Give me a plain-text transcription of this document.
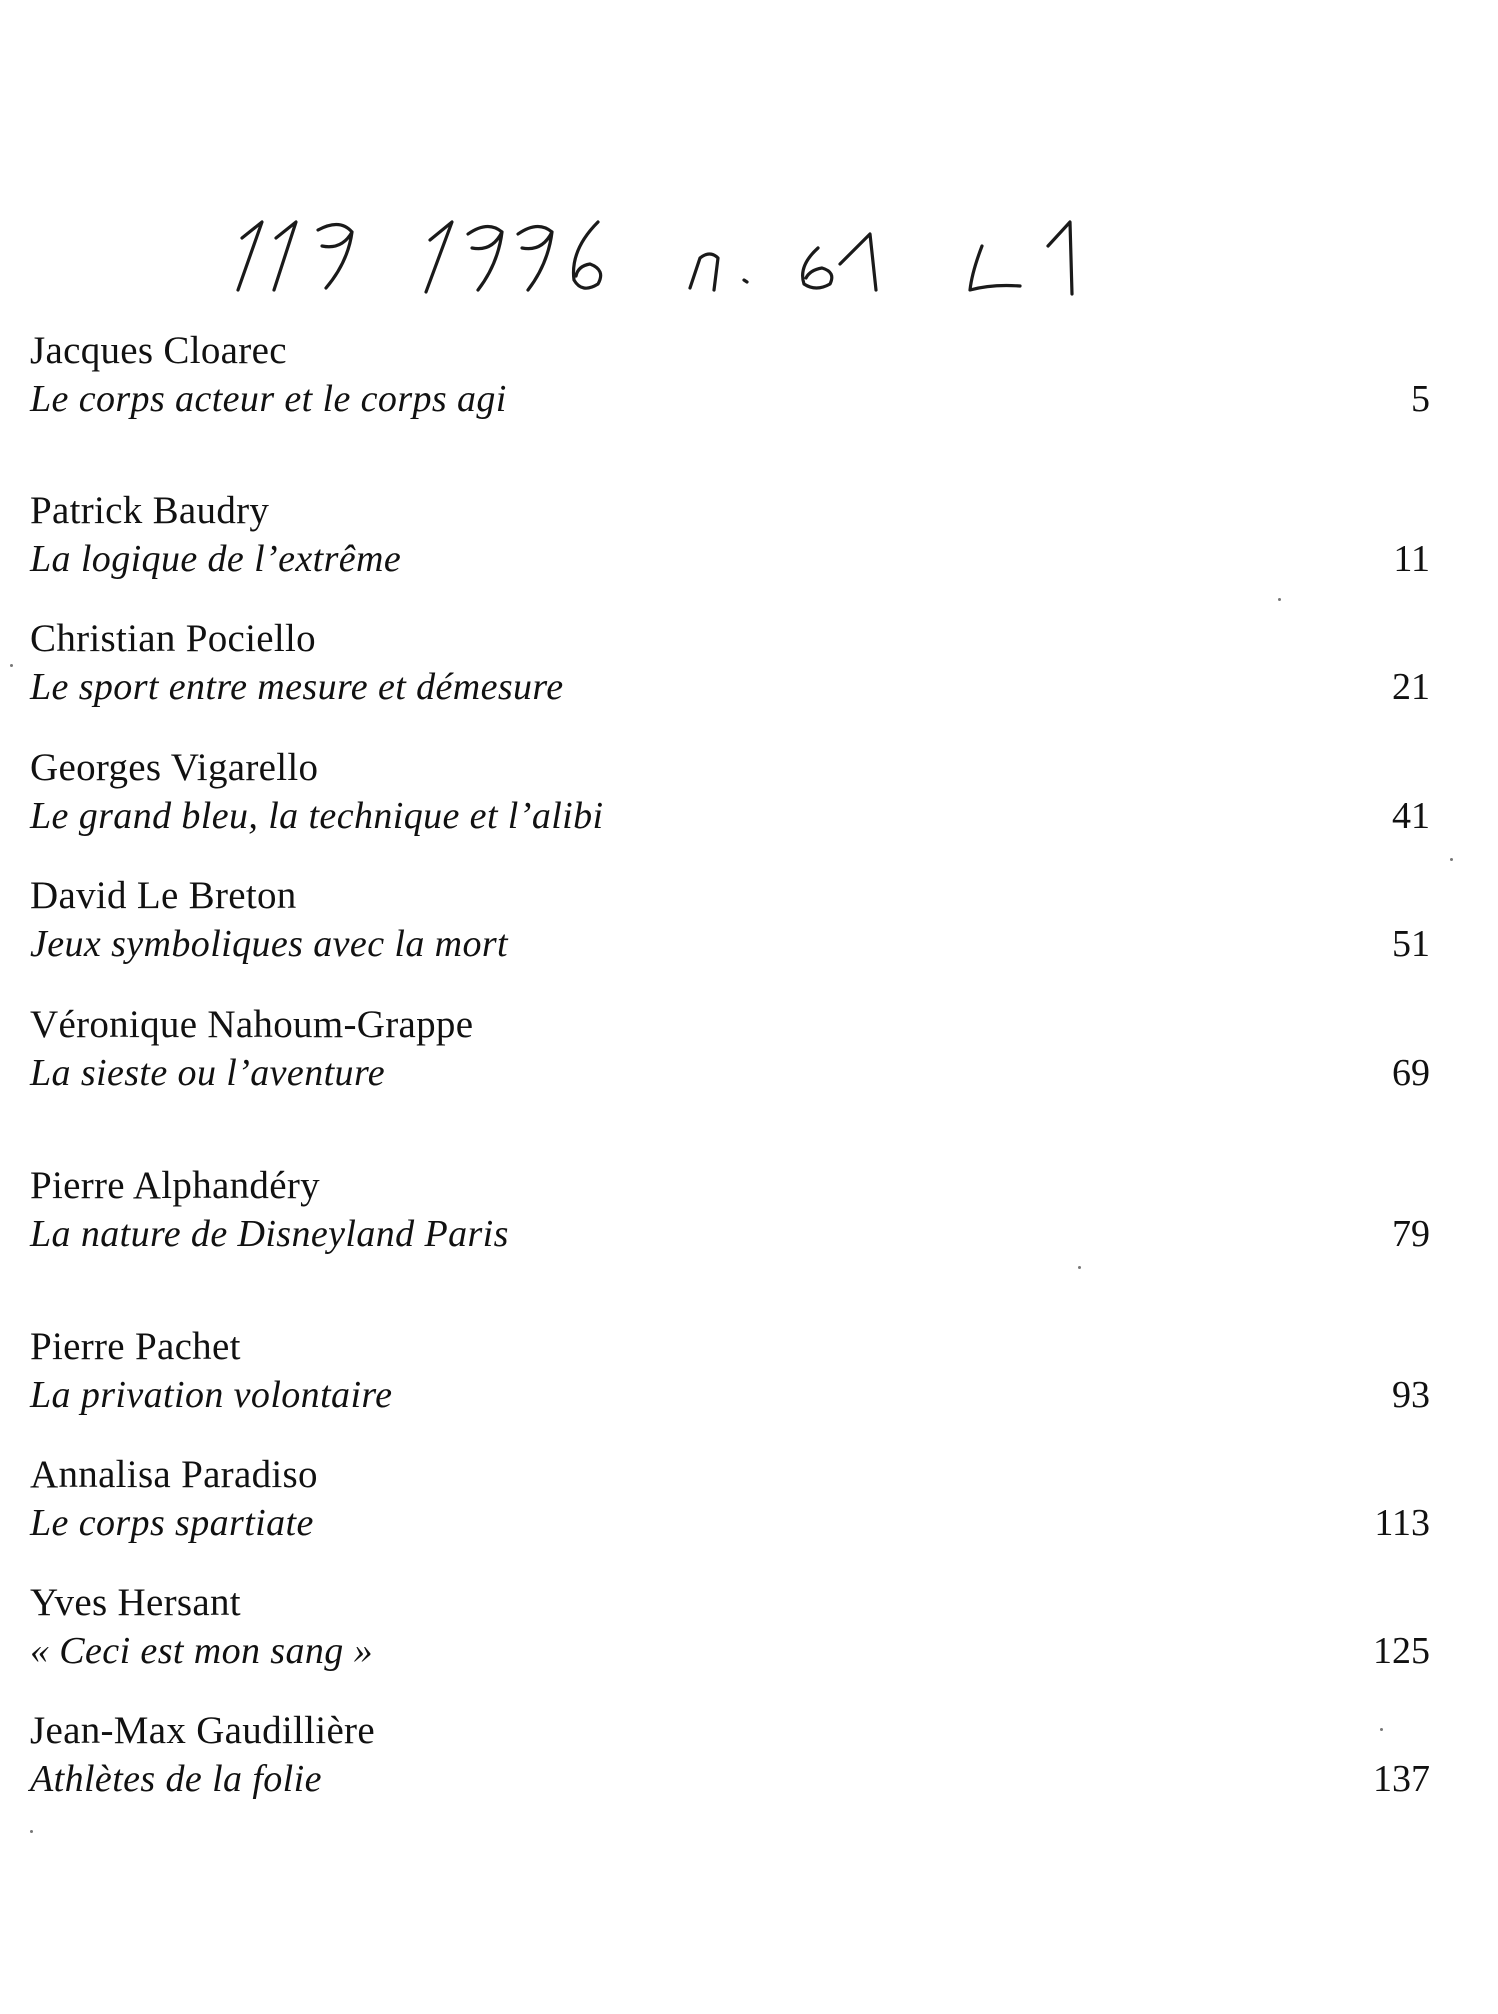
Jacques Cloarec
Le corps acteur et le corps agi	5
Patrick Baudry
La logique de l’extrême	11
Christian Pociello
Le sport entre mesure et démesure	21
Georges Vigarello
Le grand bleu, la technique et l’alibi	41
David Le Breton
Jeux symboliques avec la mort	51
Véronique Nahoum-Grappe
La sieste ou l’aventure	69
Pierre Alphandéry
La nature de Disneyland Paris	79
Pierre Pachet
La privation volontaire	93
Annalisa Paradiso
Le corps spartiate	113
Yves Hersant
« Ceci est mon sang »	125
Jean-Max Gaudillière
Athlètes de la folie	137
